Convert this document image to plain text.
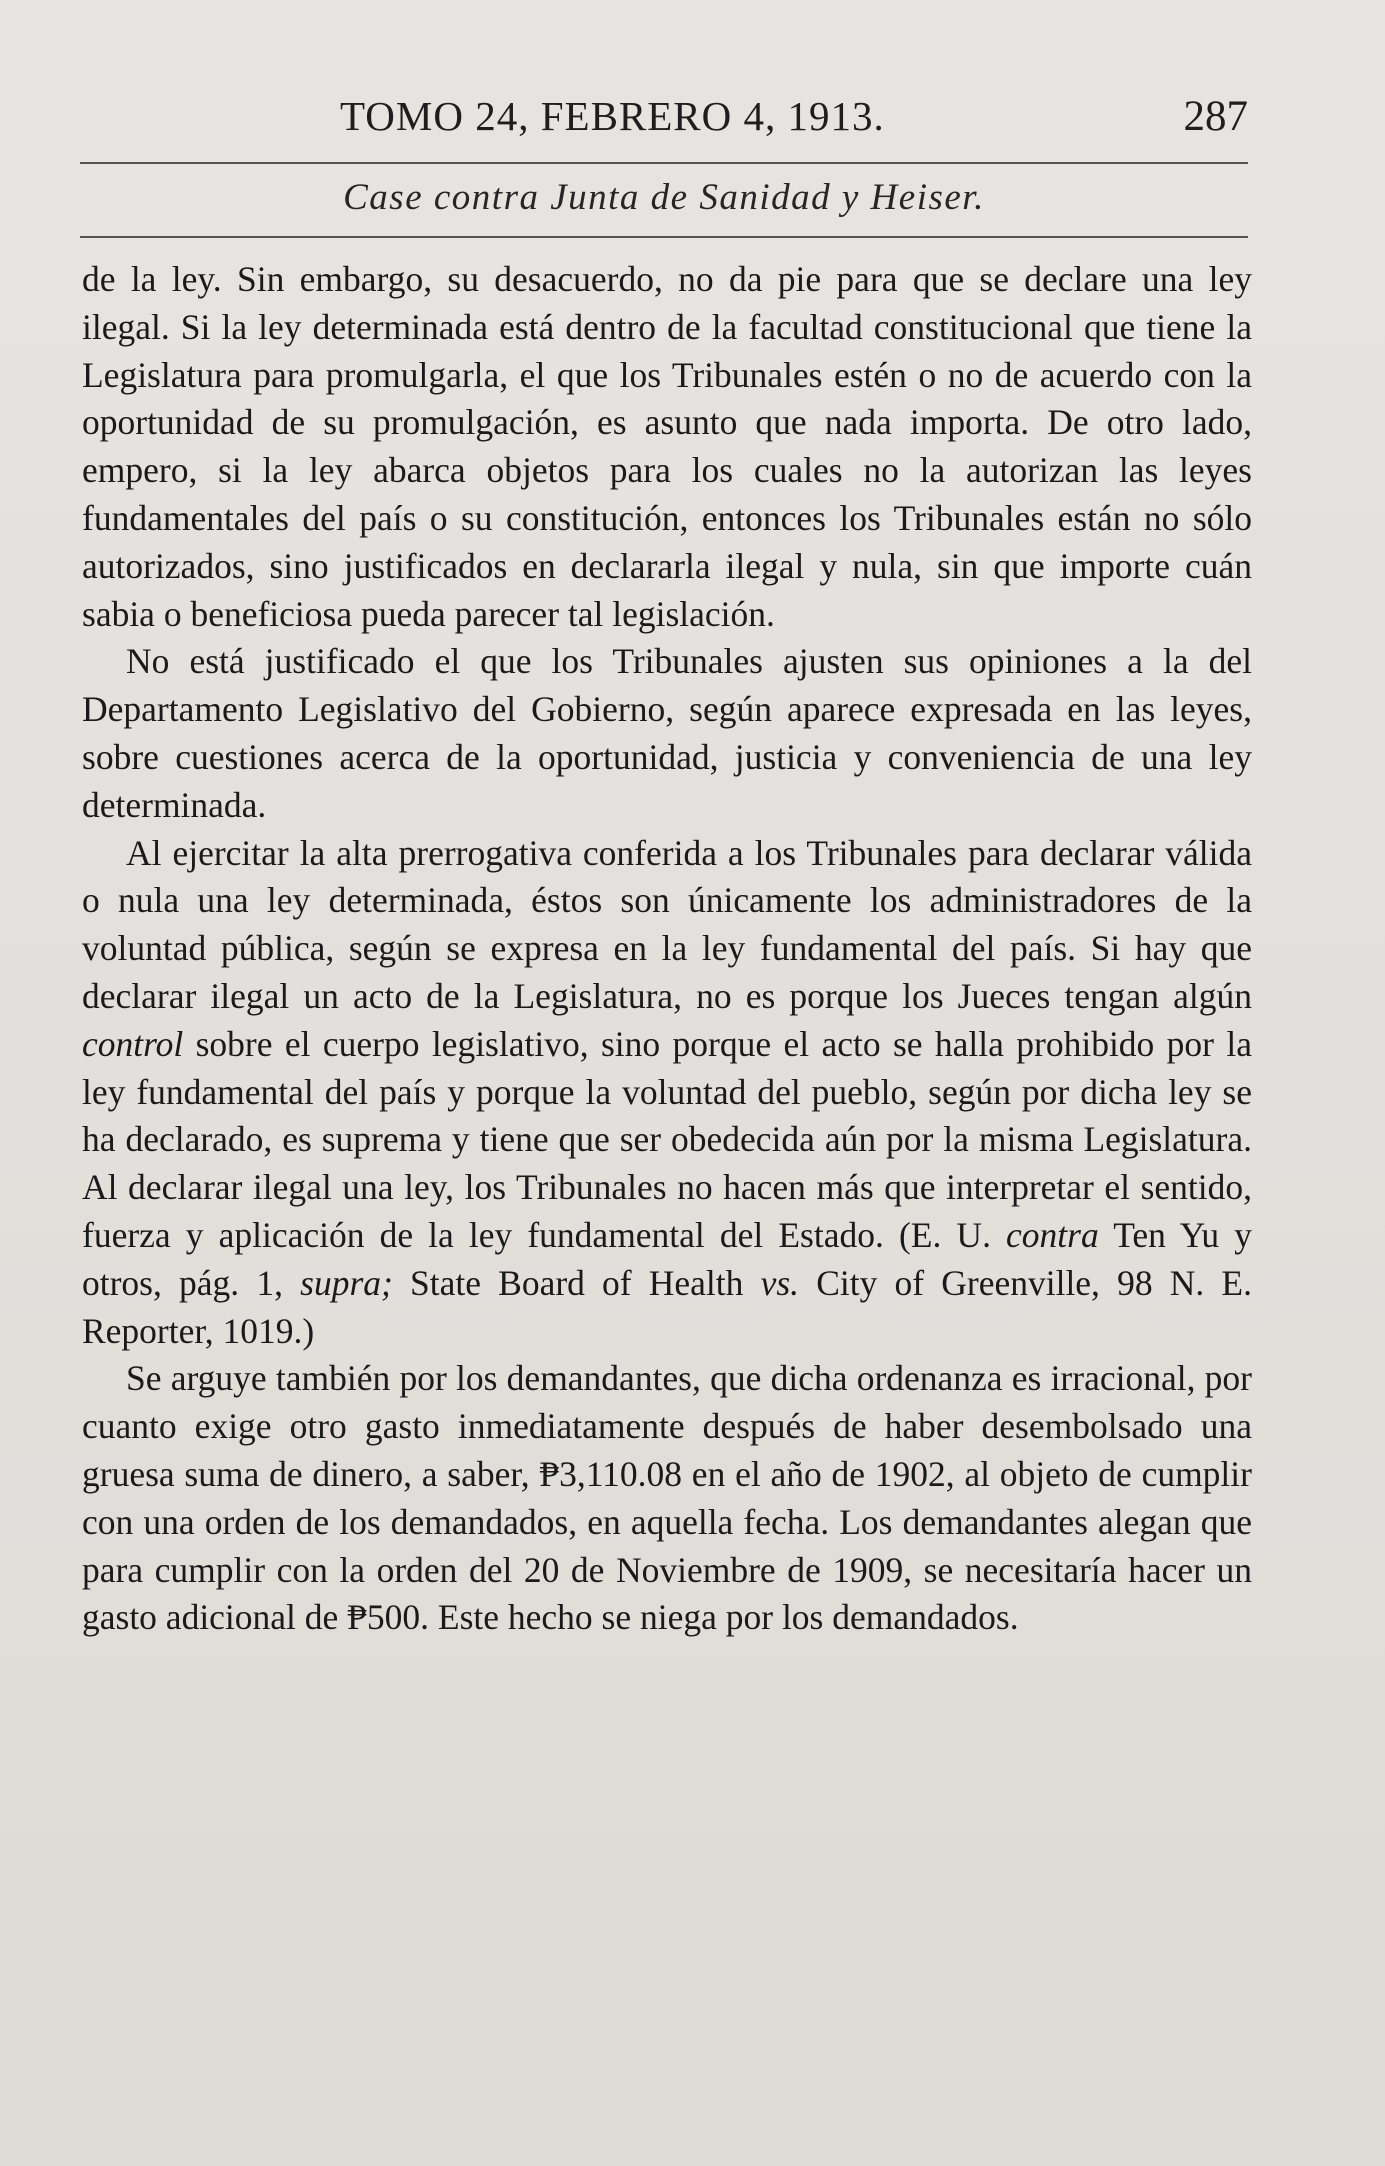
TOMO 24, FEBRERO 4, 1913.	287
Case contra Junta de Sanidad y Heiser.

de la ley. Sin embargo, su desacuerdo, no da pie para que se declare una ley ilegal. Si la ley determinada está dentro de la facultad constitucional que tiene la Legislatura para promulgarla, el que los Tribunales estén o no de acuerdo con la oportunidad de su promulgación, es asunto que nada importa. De otro lado, empero, si la ley abarca objetos para los cuales no la autorizan las leyes fundamentales del país o su constitución, entonces los Tribunales están no sólo autorizados, sino justificados en declararla ilegal y nula, sin que importe cuán sabia o beneficiosa pueda parecer tal legislación.

No está justificado el que los Tribunales ajusten sus opiniones a la del Departamento Legislativo del Gobierno, según aparece expresada en las leyes, sobre cuestiones acerca de la oportunidad, justicia y conveniencia de una ley determinada.

Al ejercitar la alta prerrogativa conferida a los Tribunales para declarar válida o nula una ley determinada, éstos son únicamente los administradores de la voluntad pública, según se expresa en la ley fundamental del país. Si hay que declarar ilegal un acto de la Legislatura, no es porque los Jueces tengan algún control sobre el cuerpo legislativo, sino porque el acto se halla prohibido por la ley fundamental del país y porque la voluntad del pueblo, según por dicha ley se ha declarado, es suprema y tiene que ser obedecida aún por la misma Legislatura. Al declarar ilegal una ley, los Tribunales no hacen más que interpretar el sentido, fuerza y aplicación de la ley fundamental del Estado. (E. U. contra Ten Yu y otros, pág. 1, supra; State Board of Health vs. City of Greenville, 98 N. E. Reporter, 1019.)

Se arguye también por los demandantes, que dicha ordenanza es irracional, por cuanto exige otro gasto inmediatamente después de haber desembolsado una gruesa suma de dinero, a saber, ₱3,110.08 en el año de 1902, al objeto de cumplir con una orden de los demandados, en aquella fecha. Los demandantes alegan que para cumplir con la orden del 20 de Noviembre de 1909, se necesitaría hacer un gasto adicional de ₱500. Este hecho se niega por los demandados.
